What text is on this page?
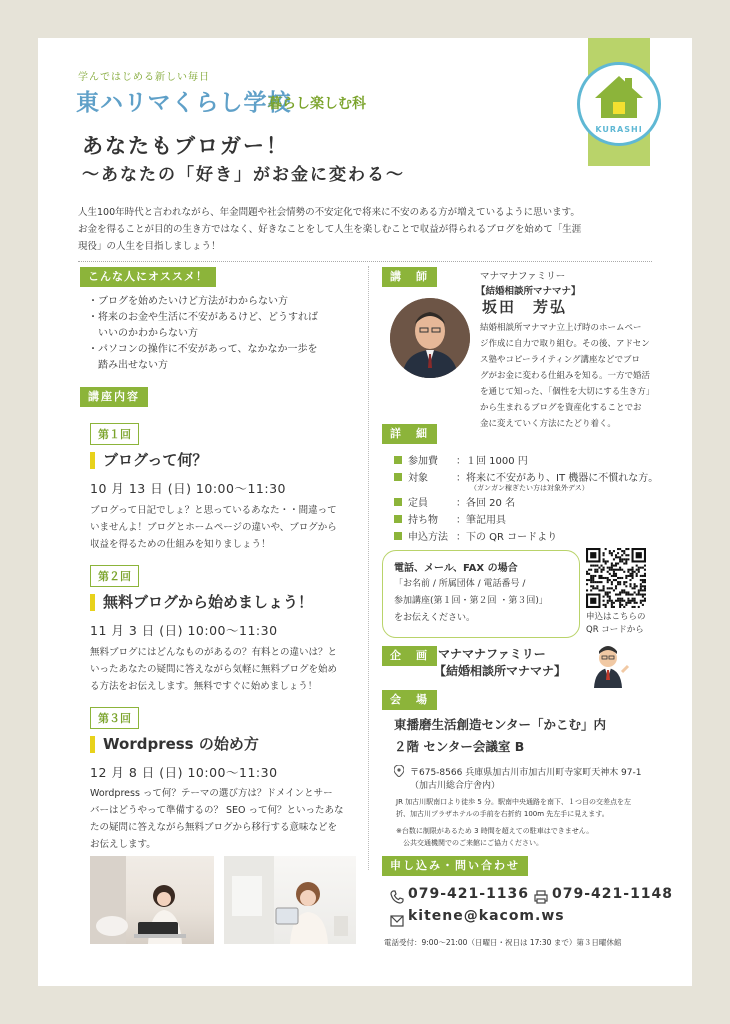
学んではじめる新しい毎日
東ハリマくらし学校
暮らし楽しむ科
KURASHI
あなたもブロガー！
～あなたの「好き」がお金に変わる～
人生100年時代と言われながら、年金問題や社会情勢の不安定化で将来に不安のある方が増えているように思います。
お金を得ることが目的の生き方ではなく、好きなことをして人生を楽しむことで収益が得られるブログを始めて「生涯
現役」の人生を目指しましょう！
こんな人にオススメ！
・ブログを始めたいけど方法がわからない方
・将来のお金や生活に不安があるけど、どうすれば
　いいのかわからない方
・パソコンの操作に不安があって、なかなか一歩を
　踏み出せない方
講座内容
第１回
ブログって何？
10 月 13 日 (日) 10:00～11:30
ブログって日記でしょ？と思っているあなた・・間違って
いませんよ！ブログとホームページの違いや、ブログから
収益を得るための仕組みを知りましょう！
第２回
無料ブログから始めましょう！
11 月 3 日 (日) 10:00～11:30
無料ブログにはどんなものがあるの？有料との違いは？と
いったあなたの疑問に答えながら気軽に無料ブログを始め
る方法をお伝えします。無料ですぐに始めましょう！
第３回
Wordpress の始め方
12 月 8 日 (日) 10:00～11:30
Wordpress って何？テーマの選び方は？ドメインとサー
バーはどうやって準備するの？ SEO って何？といったあな
たの疑問に答えながら無料ブログから移行する意味などを
お伝えします。
講　師	マナマナファミリー
【結婚相談所マナマナ】
坂田　芳弘
結婚相談所マナマナ立上げ時のホームペー
ジ作成に自力で取り組む。その後、アドセン
ス塾やコピーライティング講座などでブロ
グがお金に変わる仕組みを知る。一方で婚活
を通じて知った、「個性を大切にする生き方」
から生まれるブログを資産化することでお
金に変えていく方法にたどり着く。
詳　細
参加費 ：１回 1000 円
対象	：将来に不安があり、IT 機器に不慣れな方。
（ガンガン稼ぎたい方は対象外デス）
定員	：各回 20 名
持ち物 ：筆記用具
申込方法 ：下の QR コードより
電話、メール、FAX の場合
「お名前 / 所属団体 / 電話番号 /
参加講座(第１回・第２回 ・第３回)」
をお伝えください。	申込はこちらの
QR コードから
企　画 マナマナファミリー
【結婚相談所マナマナ】
会　場
東播磨生活創造センター「かこむ」内
２階 センター会議室 B
〒675-8566 兵庫県加古川市加古川町寺家町天神木 97-1
（加古川総合庁舎内）
JR 加古川駅南口より徒歩 5 分。駅南中央通路を南下、１つ目の交差点を左
折、加古川プラザホテルの手前を右折約 100m 先左手に見えます。
※台数に制限があるため 3 時間を超えての駐車はできません。
　公共交通機関でのご来館にご協力ください。
申し込み・問い合わせ
079-421-1136 079-421-1148
kitene@kacom.ws
電話受付：9:00～21:00（日曜日・祝日は 17:30 まで）第３日曜休館
